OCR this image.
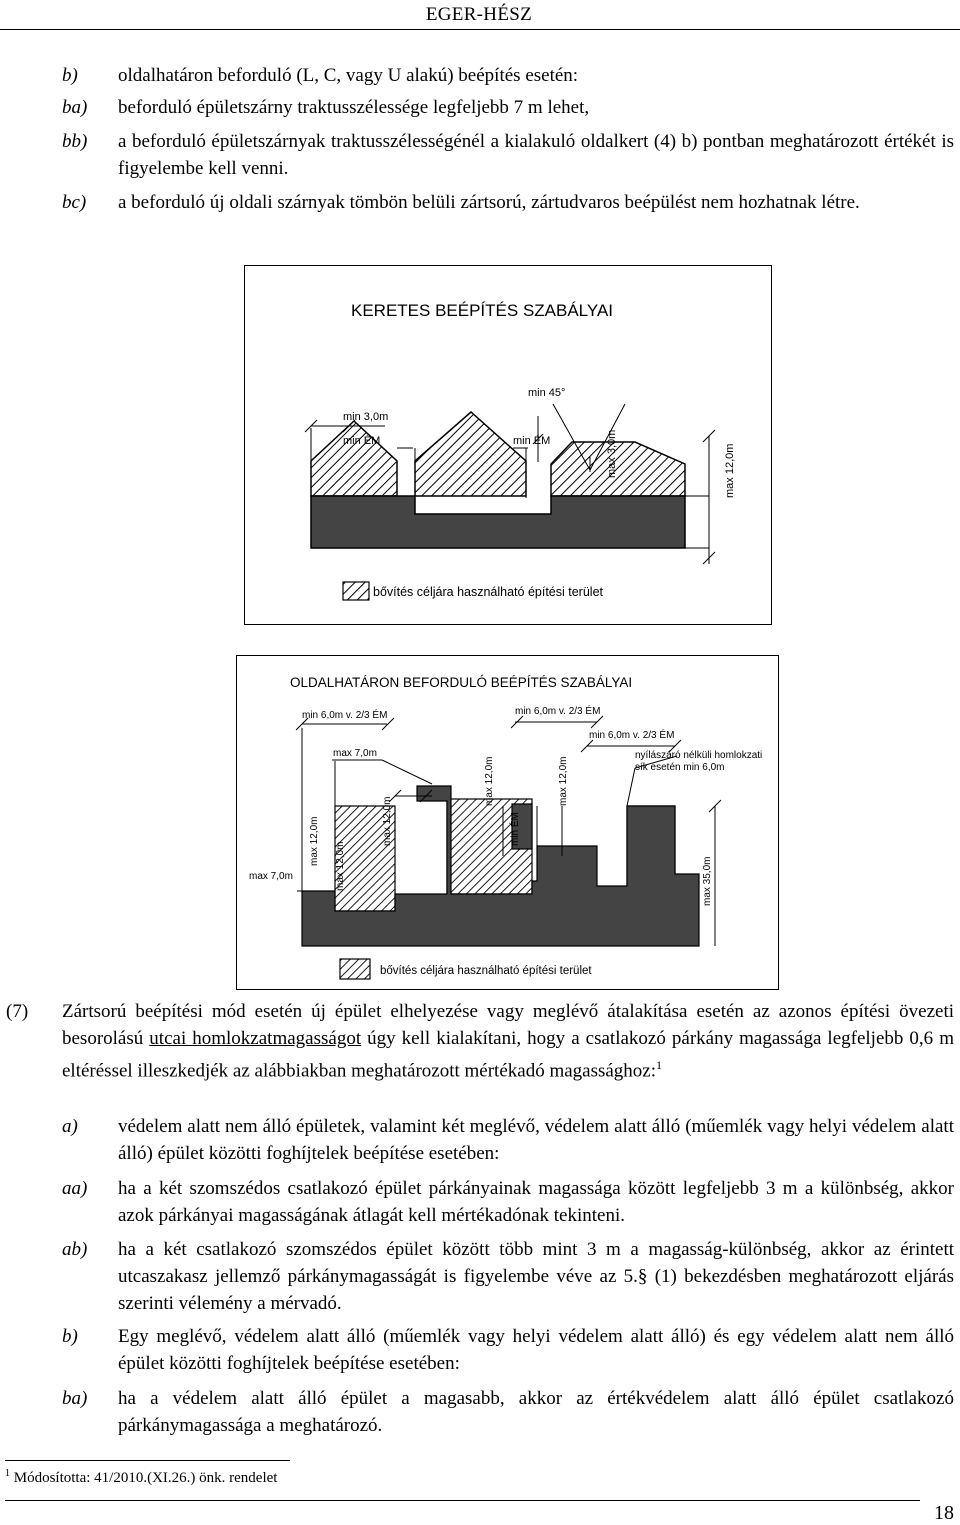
EGER-HÉSZ
b) oldalhatáron beforduló (L, C, vagy U alakú) beépítés esetén:
ba) beforduló épületszárny traktusszélessége legfeljebb 7 m lehet,
bb) a beforduló épületszárnyak traktusszélességénél a kialakuló oldalkert (4) b) pontban meghatározott értékét is figyelembe kell venni.
bc) a beforduló új oldali szárnyak tömbön belüli zártsorú, zártudvaros beépülést nem hozhatnak létre.
KERETES BEÉPÍTÉS SZABÁLYAI
min 3,0m
min ÉM	min ÉM
min 45°
max 3,0m	max 12,0m
bővítés céljára használható építési terület
OLDALHATÁRON BEFORDULÓ BEÉPÍTÉS SZABÁLYAI
min 6,0m v. 2/3 ÉM	min 6,0m v. 2/3 ÉM
min 6,0m v. 2/3 ÉM
nyílászáró nélküli homlokzati
sík esetén min 6,0m
max 7,0m
max 7,0m
max 12,0m
max 12,0m
max 12,0m
max 12,0m	max 12,0m
min ÉM
max 35,0m
bővítés céljára használható építési terület
(7) Zártsorú beépítési mód esetén új épület elhelyezése vagy meglévő átalakítása esetén az azonos építési övezeti besorolású utcai homlokzatmagasságot úgy kell kialakítani, hogy a csatlakozó párkány magassága legfeljebb 0,6 m eltéréssel illeszkedjék az alábbiakban meghatározott mértékadó magassághoz:$^1$
a) védelem alatt nem álló épületek, valamint két meglévő, védelem alatt álló (műemlék vagy helyi védelem alatt álló) épület közötti foghíjtelek beépítése esetében:
aa) ha a két szomszédos csatlakozó épület párkányainak magassága között legfeljebb 3 m a különbség, akkor azok párkányai magasságának átlagát kell mértékadónak tekinteni.
ab) ha a két csatlakozó szomszédos épület között több mint 3 m a magasság-különbség, akkor az érintett utcaszakasz jellemző párkánymagasságát is figyelembe véve az 5.§ (1) bekezdésben meghatározott eljárás szerinti vélemény a mérvadó.
b) Egy meglévő, védelem alatt álló (műemlék vagy helyi védelem alatt álló) és egy védelem alatt nem álló épület közötti foghíjtelek beépítése esetében:
ba) ha a védelem alatt álló épület a magasabb, akkor az értékvédelem alatt álló épület csatlakozó párkánymagassága a meghatározó.
$^1$ Módosította: 41/2010.(XI.26.) önk. rendelet
18
